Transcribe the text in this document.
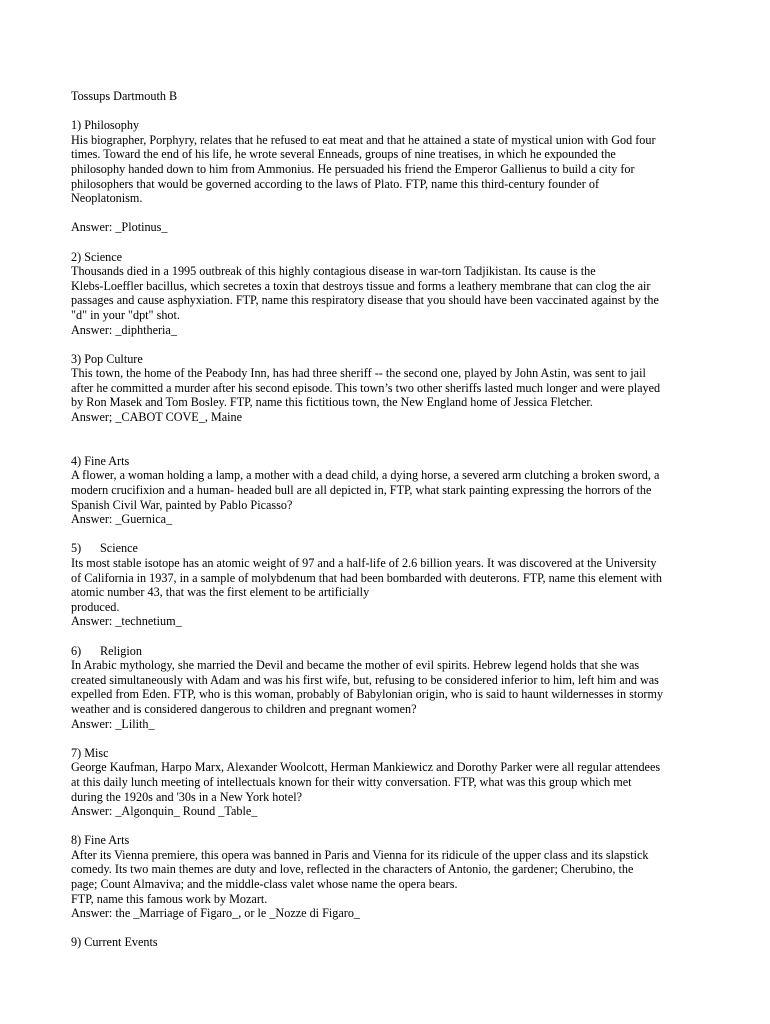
Tossups Dartmouth B
1) Philosophy
His biographer, Porphyry, relates that he refused to eat meat and that he attained a state of mystical union with God four
times. Toward the end of his life, he wrote several Enneads, groups of nine treatises, in which he expounded the
philosophy handed down to him from Ammonius. He persuaded his friend the Emperor Gallienus to build a city for
philosophers that would be governed according to the laws of Plato. FTP, name this third-century founder of
Neoplatonism.
Answer: _Plotinus_
2) Science
Thousands died in a 1995 outbreak of this highly contagious disease in war-torn Tadjikistan. Its cause is the
Klebs-Loeffler bacillus, which secretes a toxin that destroys tissue and forms a leathery membrane that can clog the air
passages and cause asphyxiation. FTP, name this respiratory disease that you should have been vaccinated against by the
"d" in your "dpt" shot.
Answer: _diphtheria_
3) Pop Culture
This town, the home of the Peabody Inn, has had three sheriff -- the second one, played by John Astin, was sent to jail
after he committed a murder after his second episode. This town’s two other sheriffs lasted much longer and were played
by Ron Masek and Tom Bosley. FTP, name this fictitious town, the New England home of Jessica Fletcher.
Answer; _CABOT COVE_, Maine
4) Fine Arts
A flower, a woman holding a lamp, a mother with a dead child, a dying horse, a severed arm clutching a broken sword, a
modern crucifixion and a human- headed bull are all depicted in, FTP, what stark painting expressing the horrors of the
Spanish Civil War, painted by Pablo Picasso?
Answer: _Guernica_
5) Science
Its most stable isotope has an atomic weight of 97 and a half-life of 2.6 billion years. It was discovered at the University
of California in 1937, in a sample of molybdenum that had been bombarded with deuterons. FTP, name this element with
atomic number 43, that was the first element to be artificially
produced.
Answer: _technetium_
6) Religion
In Arabic mythology, she married the Devil and became the mother of evil spirits. Hebrew legend holds that she was
created simultaneously with Adam and was his first wife, but, refusing to be considered inferior to him, left him and was
expelled from Eden. FTP, who is this woman, probably of Babylonian origin, who is said to haunt wildernesses in stormy
weather and is considered dangerous to children and pregnant women?
Answer: _Lilith_
7) Misc
George Kaufman, Harpo Marx, Alexander Woolcott, Herman Mankiewicz and Dorothy Parker were all regular attendees
at this daily lunch meeting of intellectuals known for their witty conversation. FTP, what was this group which met
during the 1920s and '30s in a New York hotel?
Answer: _Algonquin_ Round _Table_
8) Fine Arts
After its Vienna premiere, this opera was banned in Paris and Vienna for its ridicule of the upper class and its slapstick
comedy. Its two main themes are duty and love, reflected in the characters of Antonio, the gardener; Cherubino, the
page; Count Almaviva; and the middle-class valet whose name the opera bears.
FTP, name this famous work by Mozart.
Answer: the _Marriage of Figaro_, or le _Nozze di Figaro_
9) Current Events
